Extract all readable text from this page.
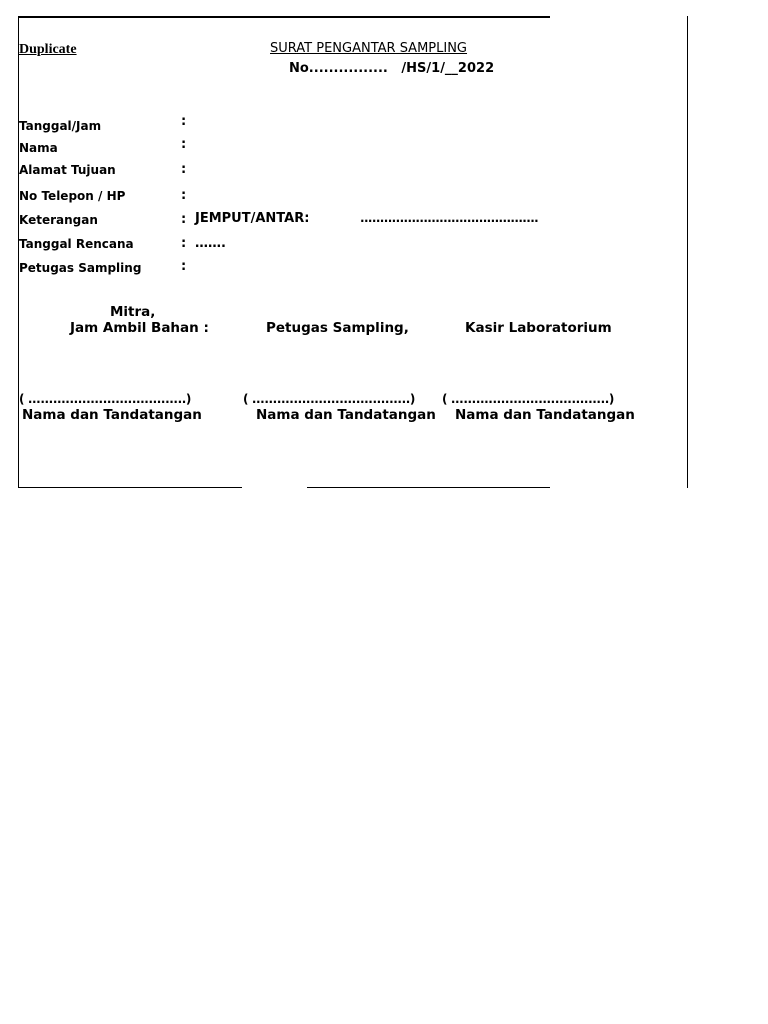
Duplicate	SURAT PENGANTAR SAMPLING
No................   /HS/1/__2022
Tanggal/Jam	:
Nama	:
Alamat Tujuan	:
No Telepon / HP	:
Keterangan	: JEMPUT/ANTAR:	.............................................
Tanggal Rencana	: …….
Petugas Sampling	:
Mitra,
Jam Ambil Bahan :	Petugas Sampling,	Kasir Laboratorium
( ......................................)	( ......................................) ( ......................................)
Nama dan Tandatangan	Nama dan Tandatangan Nama dan Tandatangan
